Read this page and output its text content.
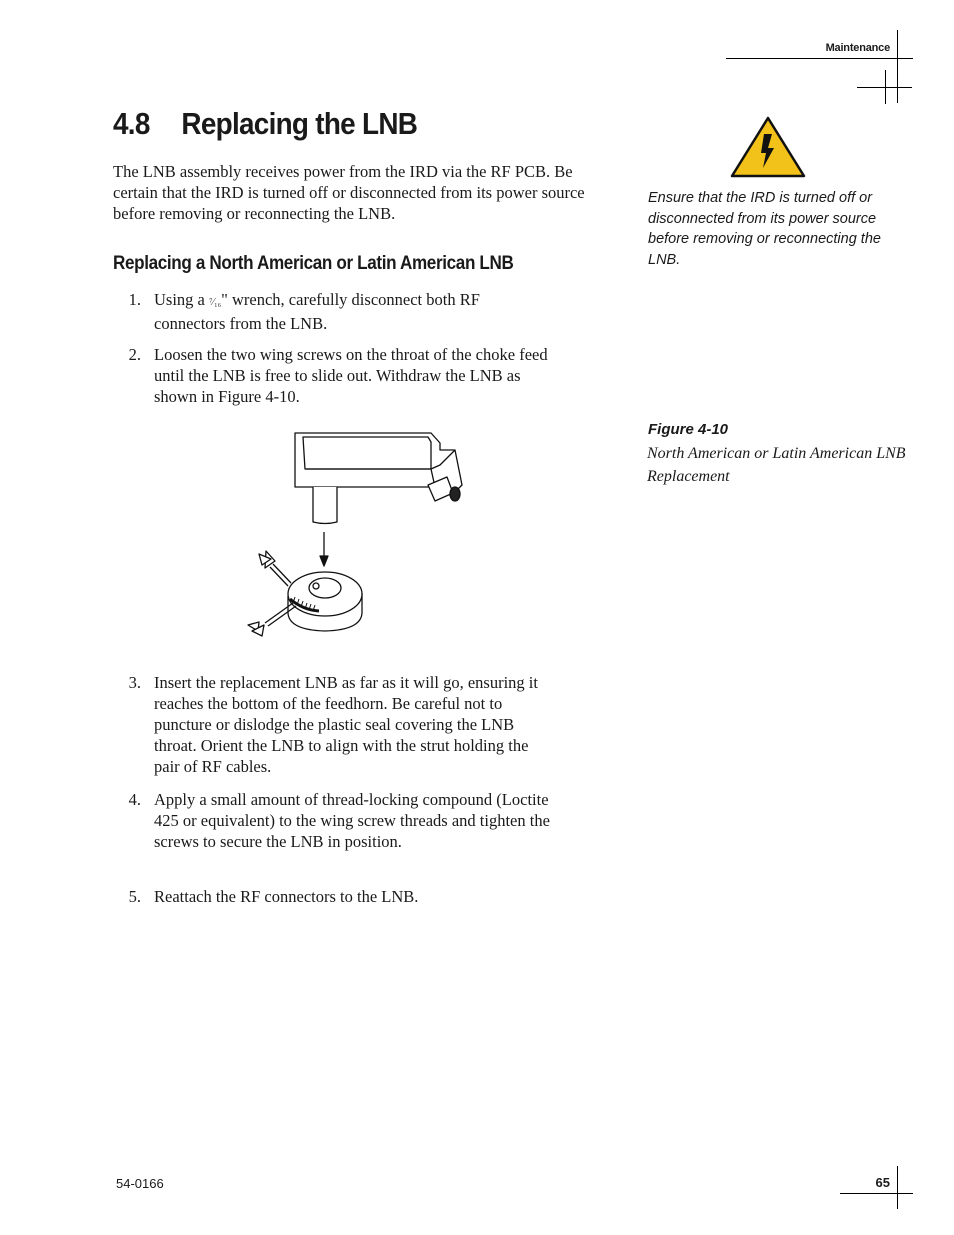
Maintenance
4.8 Replacing the LNB

The LNB assembly receives power from the IRD via the RF PCB. Be certain that the IRD is turned off or disconnected from its power source before removing or reconnecting the LNB.

Replacing a North American or Latin American LNB
1. Using a ⁷⁄₁₆" wrench, carefully disconnect both RF connectors from the LNB.
2. Loosen the two wing screws on the throat of the choke feed until the LNB is free to slide out. Withdraw the LNB as shown in Figure 4-10.
3. Insert the replacement LNB as far as it will go, ensuring it reaches the bottom of the feedhorn. Be careful not to puncture or dislodge the plastic seal covering the LNB throat. Orient the LNB to align with the strut holding the pair of RF cables.
4. Apply a small amount of thread-locking compound (Loctite 425 or equivalent) to the wing screw threads and tighten the screws to secure the LNB in position.
5. Reattach the RF connectors to the LNB.

Ensure that the IRD is turned off or disconnected from its power source before removing or reconnecting the LNB.

Figure 4-10

North American or Latin American LNB Replacement

54-0166	65
